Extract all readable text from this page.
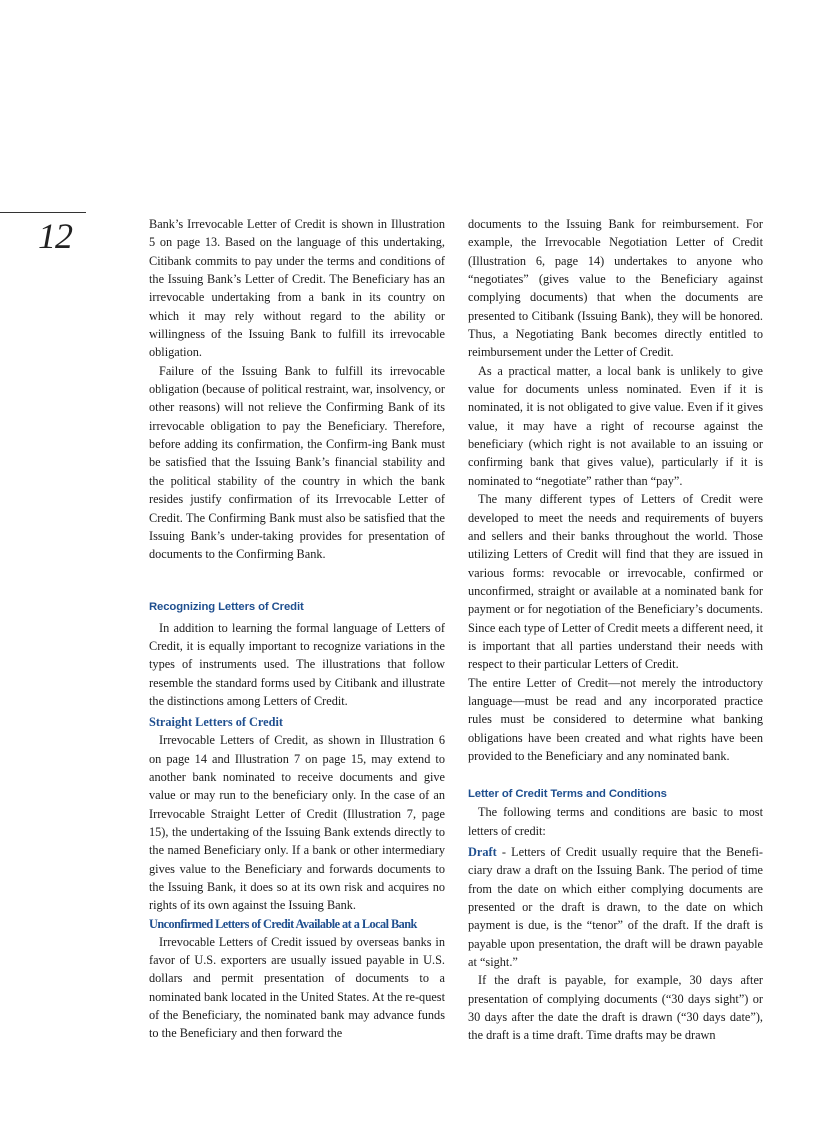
12	Bank’s Irrevocable Letter of Credit is shown in Illustration 5 on page 13. Based on the language of this undertaking, Citibank commits to pay under the terms and conditions of the Issuing Bank’s Letter of Credit. The Beneficiary has an irrevocable undertaking from a bank in its country on which it may rely without regard to the ability or willingness of the Issuing Bank to fulfill its irrevocable obligation.

Failure of the Issuing Bank to fulfill its irrevocable obligation (because of political restraint, war, insolvency, or other reasons) will not relieve the Confirming Bank of its irrevocable obligation to pay the Beneficiary. Therefore, before adding its confirmation, the Confirm-ing Bank must be satisfied that the Issuing Bank’s financial stability and the political stability of the country in which the bank resides justify confirmation of its Irrevocable Letter of Credit. The Confirming Bank must also be satisfied that the Issuing Bank’s under-taking provides for presentation of documents to the Confirming Bank.

Recognizing Letters of Credit

In addition to learning the formal language of Letters of Credit, it is equally important to recognize variations in the types of instruments used. The illustrations that follow resemble the standard forms used by Citibank and illustrate the distinctions among Letters of Credit.

Straight Letters of Credit

Irrevocable Letters of Credit, as shown in Illustration 6 on page 14 and Illustration 7 on page 15, may extend to another bank nominated to receive documents and give value or may run to the beneficiary only. In the case of an Irrevocable Straight Letter of Credit (Illustration 7, page 15), the undertaking of the Issuing Bank extends directly to the named Beneficiary only. If a bank or other intermediary gives value to the Beneficiary and forwards documents to the Issuing Bank, it does so at its own risk and acquires no rights of its own against the Issuing Bank.

Unconfirmed Letters of Credit Available at a Local Bank

Irrevocable Letters of Credit issued by overseas banks in favor of U.S. exporters are usually issued payable in U.S. dollars and permit presentation of documents to a nominated bank located in the United States. At the re-quest of the Beneficiary, the nominated bank may advance funds to the Beneficiary and then forward the

documents to the Issuing Bank for reimbursement. For example, the Irrevocable Negotiation Letter of Credit (Illustration 6, page 14) undertakes to anyone who “negotiates” (gives value to the Beneficiary against complying documents) that when the documents are presented to Citibank (Issuing Bank), they will be honored. Thus, a Negotiating Bank becomes directly entitled to reimbursement under the Letter of Credit.

As a practical matter, a local bank is unlikely to give value for documents unless nominated. Even if it is nominated, it is not obligated to give value. Even if it gives value, it may have a right of recourse against the beneficiary (which right is not available to an issuing or confirming bank that gives value), particularly if it is nominated to “negotiate” rather than “pay”.

The many different types of Letters of Credit were developed to meet the needs and requirements of buyers and sellers and their banks throughout the world. Those utilizing Letters of Credit will find that they are issued in various forms: revocable or irrevocable, confirmed or unconfirmed, straight or available at a nominated bank for payment or for negotiation of the Beneficiary’s documents. Since each type of Letter of Credit meets a different need, it is important that all parties understand their needs with respect to their particular Letters of Credit.

The entire Letter of Credit—not merely the introductory language—must be read and any incorporated practice rules must be considered to determine what banking obligations have been created and what rights have been provided to the Beneficiary and any nominated bank.

Letter of Credit Terms and Conditions

The following terms and conditions are basic to most letters of credit:

Draft - Letters of Credit usually require that the Benefi-ciary draw a draft on the Issuing Bank. The period of time from the date on which either complying documents are presented or the draft is drawn, to the date on which payment is due, is the “tenor” of the draft. If the draft is payable upon presentation, the draft will be drawn payable at “sight.”

If the draft is payable, for example, 30 days after presentation of complying documents (“30 days sight”) or 30 days after the date the draft is drawn (“30 days date”), the draft is a time draft. Time drafts may be drawn
